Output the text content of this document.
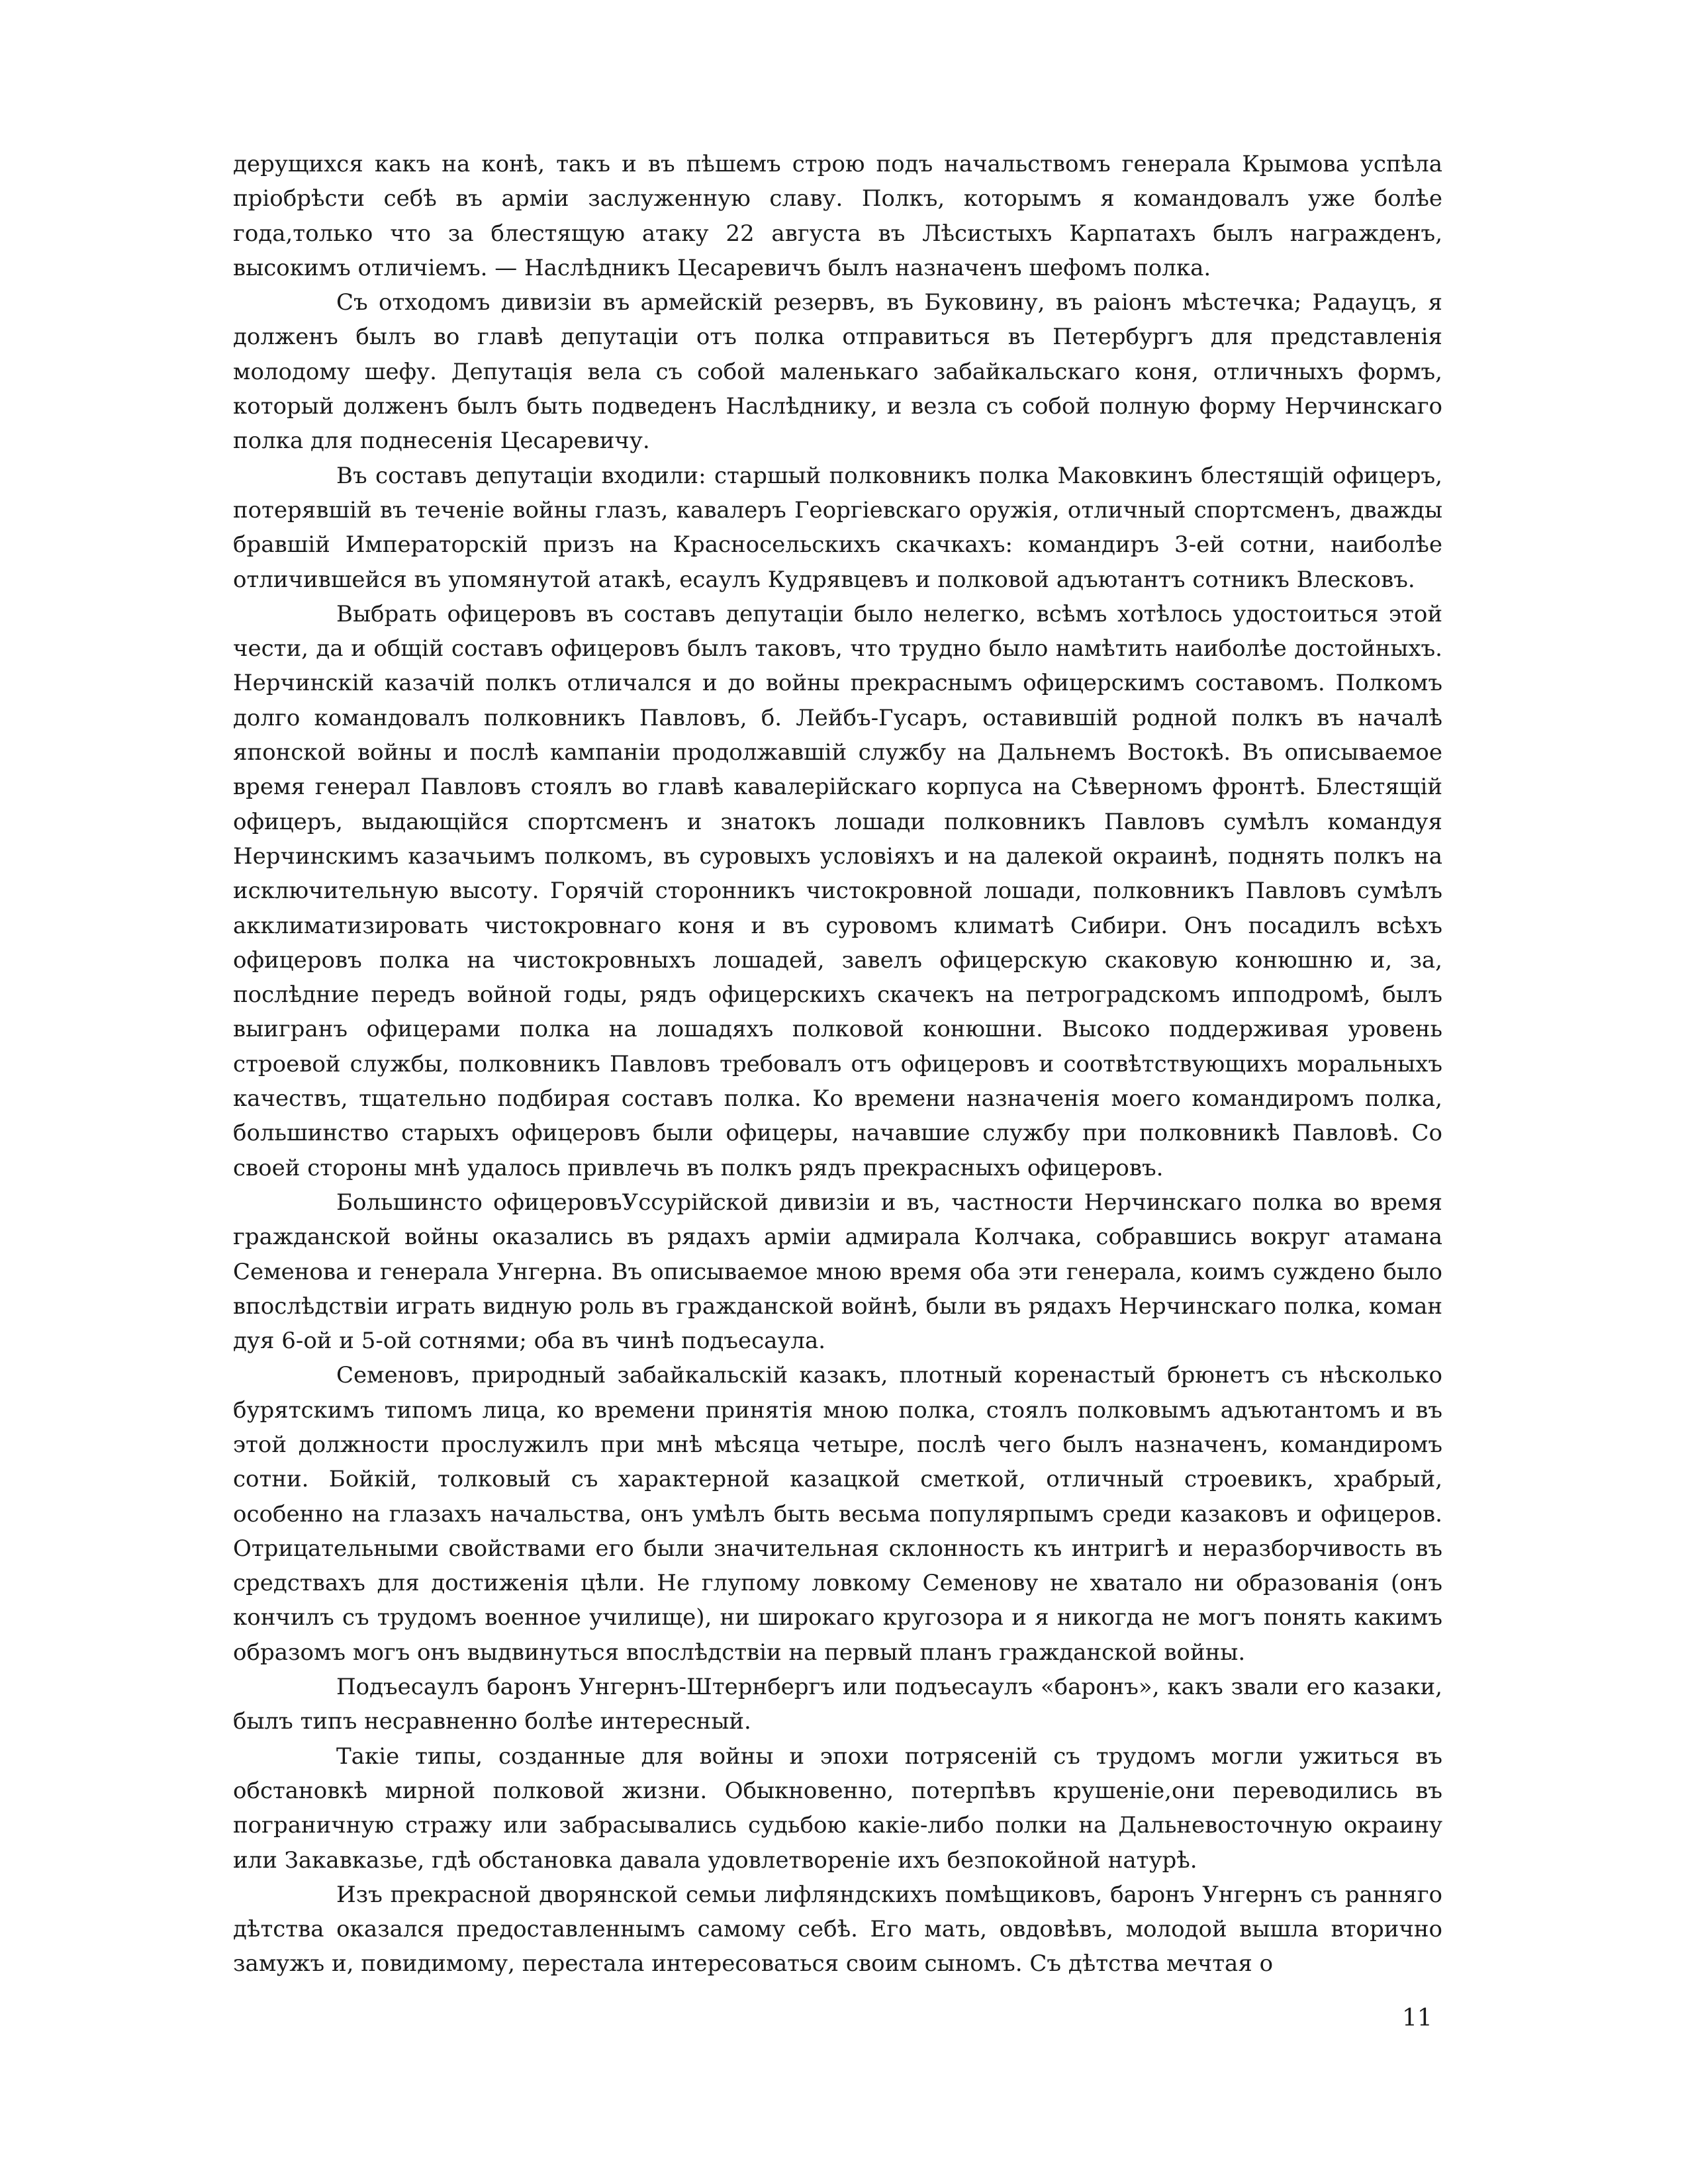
дерущихся какъ на конѣ, такъ и въ пѣшемъ строю подъ начальствомъ генерала Крымова успѣла пріобрѣсти себѣ въ арміи заслуженную славу. Полкъ, которымъ я командовалъ уже болѣе года,только что за блестящую атаку 22 августа въ Лѣсистыхъ Карпатахъ былъ награжденъ, высокимъ отличіемъ. — Наслѣдникъ Цесаревичъ былъ назначенъ шефомъ полка.

Съ отходомъ дивизіи въ армейскій резервъ, въ Буковину, въ раіонъ мѣстечка; Радауцъ, я долженъ былъ во главѣ депутаціи отъ полка отправиться въ Петербургъ для представленія молодому шефу. Депутація вела съ собой маленькаго забайкальскаго коня, отличныхъ формъ, который долженъ былъ быть подведенъ Наслѣднику, и везла съ собой полную форму Нерчинскаго полка для поднесенія Цесаревичу.

Въ составъ депутаціи входили: старшый полковникъ полка Маковкинъ блестящій офицеръ, потерявшій въ теченіе войны глазъ, кавалеръ Георгіевскаго оружія, отличный спортсменъ, дважды бравшій Императорскій призъ на Красносельскихъ скачкахъ: командиръ 3-ей сотни, наиболѣе отличившейся въ упомянутой атакѣ, есаулъ Кудрявцевъ и полковой адъютантъ сотникъ Влесковъ.

Выбрать офицеровъ въ составъ депутаціи было нелегко, всѣмъ хотѣлось удостоиться этой чести, да и общій составъ офицеровъ былъ таковъ, что трудно было намѣтить наиболѣе достойныхъ. Нерчинскій казачій полкъ отличался и до войны прекраснымъ офицерскимъ составомъ. Полкомъ долго командовалъ полковникъ Павловъ, б. Лейбъ-Гусаръ, оставившій родной полкъ въ началѣ японской войны и послѣ кампаніи продолжавшій службу на Дальнемъ Востокѣ. Въ описываемое время генерал Павловъ стоялъ во главѣ кавалерійскаго корпуса на Сѣверномъ фронтѣ. Блестящій офицеръ, выдающійся спортсменъ и знатокъ лошади полковникъ Павловъ сумѣлъ командуя Нерчинскимъ казачьимъ полкомъ, въ суровыхъ условіяхъ и на далекой окраинѣ, поднять полкъ на исключительную высоту. Горячій сторонникъ чистокровной лошади, полковникъ Павловъ сумѣлъ акклиматизировать чистокровнаго коня и въ суровомъ климатѣ Сибири. Онъ посадилъ всѣхъ офицеровъ полка на чистокровныхъ лошадей, завелъ офицерскую скаковую конюшню и, за, послѣдние передъ войной годы, рядъ офицерскихъ скачекъ на петроградскомъ ипподромѣ, былъ выигранъ офицерами полка на лошадяхъ полковой конюшни. Высоко поддерживая уровень строевой службы, полковникъ Павловъ требовалъ отъ офицеровъ и соотвѣтствующихъ моральныхъ качествъ, тщательно подбирая составъ полка. Ко времени назначенія моего командиромъ полка, большинство старыхъ офицеровъ были офицеры, начавшие службу при полковникѣ Павловѣ. Со своей стороны мнѣ удалось привлечь въ полкъ рядъ прекрасныхъ офицеровъ.

Большинсто офицеровъУссурійской дивизіи и въ, частности Нерчинскаго полка во время гражданской войны оказались въ рядахъ арміи адмирала Колчака, собравшись вокруг атамана Семенова и генерала Унгерна. Въ описываемое мною время оба эти генерала, коимъ суждено было впослѣдствіи играть видную роль въ гражданской войнѣ, были въ рядахъ Нерчинскаго полка, коман дуя 6-ой и 5-ой сотнями; оба въ чинѣ подъесаула.

Семеновъ, природный забайкальскій казакъ, плотный коренастый брюнетъ съ нѣсколько бурятскимъ типомъ лица, ко времени принятія мною полка, стоялъ полковымъ адъютантомъ и въ этой должности прослужилъ при мнѣ мѣсяца четыре, послѣ чего былъ назначенъ, командиромъ сотни. Бойкій, толковый съ характерной казацкой сметкой, отличный строевикъ, храбрый, особенно на глазахъ начальства, онъ умѣлъ быть весьма популярпымъ среди казаковъ и офицеров. Отрицательными свойствами его были значительная склонность къ интригѣ и неразборчивость въ средствахъ для достиженія цѣли. Не глупому ловкому Семенову не хватало ни образованія (онъ кончилъ съ трудомъ военное училище), ни широкаго кругозора и я никогда не могъ понять какимъ образомъ могъ онъ выдвинуться впослѣдствіи на первый планъ гражданской войны.

Подъесаулъ баронъ Унгернъ-Штернбергъ или подъесаулъ «баронъ», какъ звали его казаки, былъ типъ несравненно болѣе интересный.

Такіе типы, созданные для войны и эпохи потрясеній съ трудомъ могли ужиться въ обстановкѣ мирной полковой жизни. Обыкновенно, потерпѣвъ крушеніе,они переводились въ пограничную стражу или забрасывались судьбою какіе-либо полки на Дальневосточную окраину или Закавказье, гдѣ обстановка давала удовлетвореніе ихъ безпокойной натурѣ.

Изъ прекрасной дворянской семьи лифляндскихъ помѣщиковъ, баронъ Унгернъ съ ранняго дѣтства оказался предоставленнымъ самому себѣ. Его мать, овдовѣвъ, молодой вышла вторично замужъ и, повидимому, перестала интересоваться своим сыномъ. Съ дѣтства мечтая о

11
